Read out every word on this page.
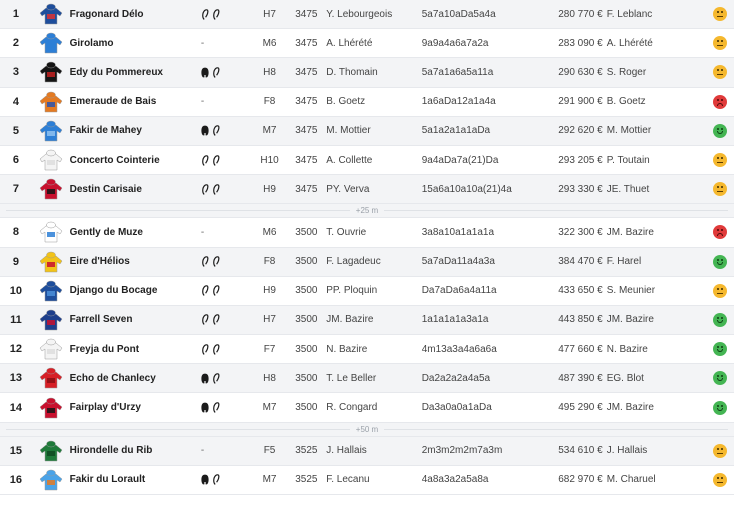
1	Fragonard Délo	H7	3475 Y. Lebourgeois	5a7a10aDa5a4a	280 770 € F. Leblanc
2	Girolamo	-	M6	3475 A. Lhérété	9a9a4a6a7a2a	283 090 € A. Lhérété
3	Edy du Pommereux	H8	3475 D. Thomain	5a7a1a6a5a11a	290 630 € S. Roger
4	Emeraude de Bais	-	F8	3475 B. Goetz	1a6aDa12a1a4a	291 900 € B. Goetz
5	Fakir de Mahey	M7	3475 M. Mottier	5a1a2a1a1aDa	292 620 € M. Mottier
6	Concerto Cointerie	H10	3475 A. Collette	9a4aDa7a(21)Da	293 205 € P. Toutain
7	Destin Carisaie	H9	3475 PY. Verva	15a6a10a10a(21)4a	293 330 € JE. Thuet
+25 m
8	Gently de Muze	-	M6	3500 T. Ouvrie	3a8a10a1a1a1a	322 300 € JM. Bazire
9	Eire d'Hélios	F8	3500 F. Lagadeuc	5a7aDa11a4a3a	384 470 € F. Harel
10	Django du Bocage	H9	3500 PP. Ploquin	Da7aDa6a4a11a	433 650 € S. Meunier
11	Farrell Seven	H7	3500 JM. Bazire	1a1a1a1a3a1a	443 850 € JM. Bazire
12	Freyja du Pont	F7	3500 N. Bazire	4m13a3a4a6a6a	477 660 € N. Bazire
13	Echo de Chanlecy	H8	3500 T. Le Beller	Da2a2a2a4a5a	487 390 € EG. Blot
14	Fairplay d'Urzy	M7	3500 R. Congard	Da3a0a0a1aDa	495 290 € JM. Bazire
+50 m
15	Hirondelle du Rib	-	F5	3525 J. Hallais	2m3m2m2m7a3m	534 610 € J. Hallais
16	Fakir du Lorault	M7	3525 F. Lecanu	4a8a3a2a5a8a	682 970 € M. Charuel
